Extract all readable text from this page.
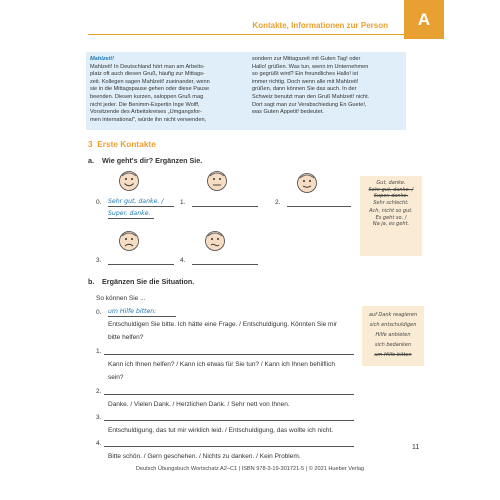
Kontakte, Informationen zur Person	A
Mahlzeit!
Mahlzeit! In Deutschland hört man am Arbeits-
platz oft auch diesen Gruß, häufig zur Mittags-
zeit. Kollegen sagen Mahlzeit! zueinander, wenn
sie in die Mittagspause gehen oder diese Pause
beenden. Diesen kurzen, saloppen Gruß mag
nicht jeder. Die Benimm-Expertin Inge Wolff,
Vorsitzende des Arbeitskreises „Umgangsfor-
men international", würde ihn nicht verwenden,
sondern zur Mittagszeit mit Guten Tag! oder
Hallo! grüßen. Was tun, wenn im Unternehmen
so gegrüßt wird? Ein freundliches Hallo! ist
immer richtig. Doch wenn alle mit Mahlzeit!
grüßen, dann können Sie das auch. In der
Schweiz benutzt man den Gruß Mahlzeit! nicht.
Dort sagt man zur Verabschiedung En Guete!,
was Guten Appetit! bedeutet.
3 Erste Kontakte
a. Wie geht's dir? Ergänzen Sie.
0. Sehr gut, danke. /
Super, danke.
1.	2.
3.	4.
Gut, danke.
Sehr gut, danke. /
Super, danke.
Sehr schlecht.
Ach, nicht so gut.
Es geht so. /
Na ja, es geht.
b. Ergänzen Sie die Situation.
So können Sie ...
0. um Hilfe bitten:
Entschuldigen Sie bitte. Ich hätte eine Frage. / Entschuldigung. Könnten Sie mir
bitte helfen?
1.
Kann ich Ihnen helfen? / Kann ich etwas für Sie tun? / Kann ich Ihnen behilflich
sein?
2.
Danke. / Vielen Dank. / Herzlichen Dank. / Sehr nett von Ihnen.
3.
Entschuldigung, das tut mir wirklich leid. / Entschuldigung, das wollte ich nicht.
4.
Bitte schön. / Gern geschehen. / Nichts zu danken. / Kein Problem.
auf Dank reagieren
sich entschuldigen
Hilfe anbieten
sich bedanken
um Hilfe bitten
11
Deutsch Übungsbuch Wortschatz A2–C1 | ISBN 978-3-19-301721-5 | © 2021 Hueber Verlag
